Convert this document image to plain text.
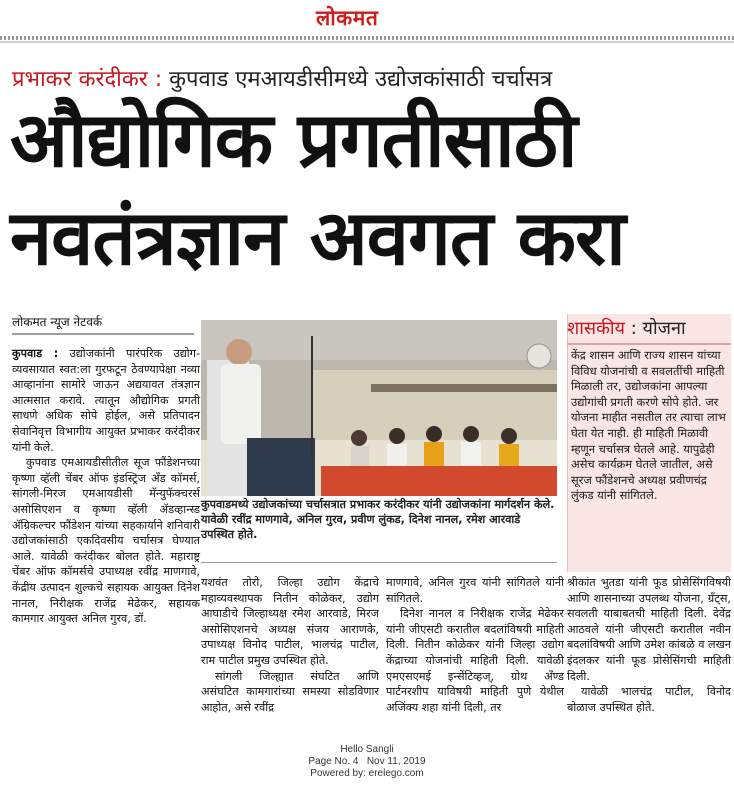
लोकमत
प्रभाकर करंदीकर : कुपवाड एमआयडीसीमध्ये उद्योजकांसाठी चर्चासत्र
औद्योगिक प्रगतीसाठी
नवतंत्रज्ञान अवगत करा
लोकमत न्यूज नेटवर्क

कुपवाड : उद्योजकांनी पारंपरिक उद्योग-व्यवसायात स्वत:ला गुरफटून ठेवण्यापेक्षा नव्या आव्हानांना सामोरे जाऊन अद्ययावत तंत्रज्ञान आत्मसात करावे. त्यातून औद्योगिक प्रगती साधणे अधिक सोपे होईल, असे प्रतिपादन सेवानिवृत्त विभागीय आयुक्त प्रभाकर करंदीकर यांनी केले.

कुपवाड एमआयडीसीतील सूज फौंडेशनच्या कृष्णा व्हॅली चेंबर ऑफ इंडस्ट्रिज अँड कॉमर्स, सांगली-मिरज एमआयडीसी मॅन्युफॅक्चरर्स असोसिएशन व कृष्णा व्हॅली ॲडव्हान्स्ड ॲग्रिकल्चर फौंडेशन यांच्या सहकार्याने शनिवारी उद्योजकांसाठी एकदिवसीय चर्चासत्र घेण्यात आले. यावेळी करंदीकर बोलत होते. महाराष्ट्र चेंबर ऑफ कॉमर्सचे उपाध्यक्ष रवींद्र माणगावे, केंद्रीय उत्पादन शुल्कचे सहायक आयुक्त दिनेश नानल, निरीक्षक राजेंद्र मेढेकर, सहायक कामगार आयुक्त अनिल गुरव, डॉ.

कुपवाडमध्ये उद्योजकांच्या चर्चासत्रात प्रभाकर करंदीकर यांनी उद्योजकांना मार्गदर्शन केले. यावेळी रवींद्र माणगावे, अनिल गुरव, प्रवीण लुंकड, दिनेश नानल, रमेश आरवाडे उपस्थित होते.

यशवंत तोरो, जिल्हा उद्योग केंद्राचे महाव्यवस्थापक नितीन कोळेकर, उद्योग आघाडीचे जिल्हाध्यक्ष रमेश आरवाडे, मिरज असोसिएशनचे अध्यक्ष संजय आराणके, उपाध्यक्ष विनोद पाटील, भालचंद्र पाटील, राम पाटील प्रमुख उपस्थित होते.

सांगली जिल्ह्यात संघटित आणि असंघटित कामगारांच्या समस्या सोडविणार आहोत, असे रवींद्र

माणगावे, अनिल गुरव यांनी सांगितले यांनी सांगितले.

दिनेश नानल व निरीक्षक राजेंद्र मेढेकर यांनी जीएसटी करातील बदलांविषयी माहिती दिली. नितीन कोळेकर यांनी जिल्हा उद्योग केंद्राच्या योजनांची माहिती दिली. यावेळी एमएसएमई इन्सेंटिव्हज्, ग्रोथ अँण्ड पार्टनरशीप याविषयी माहिती पुणे येथील अजिंक्य शहा यांनी दिली, तर

शासकीय : योजना
केंद्र शासन आणि राज्य शासन यांच्या विविध योजनांची व सवलतींची माहिती मिळाली तर, उद्योजकांना आपल्या उद्योगांची प्रगती करणे सोपे होते. जर योजना माहीत नसतील तर त्याचा लाभ घेता येत नाही. ही माहिती मिळावी म्हणून चर्चासत्र घेतले आहे. यापुढेही असेच कार्यक्रम घेतले जातील, असे सूरज फौंडेशनचे अध्यक्ष प्रवीणचंद्र लुंकड यांनी सांगितले.

श्रीकांत भुतडा यांनी फूड प्रोसेसिंगविषयी आणि शासनाच्या उपलब्ध योजना, ग्रँट्स, सवलती याबाबतची माहिती दिली. देवेंद्र आठवले यांनी जीएसटी करातील नवीन बदलांविषयी आणि उमेश कांबळे व लखन इंदलकर यांनी फूड प्रोसेसिंगची माहिती दिली.

यावेळी भालचंद्र पाटील, विनोद बोळाज उपस्थित होते.

Hello Sangli
Page No. 4 Nov 11, 2019
Powered by: erelego.com
